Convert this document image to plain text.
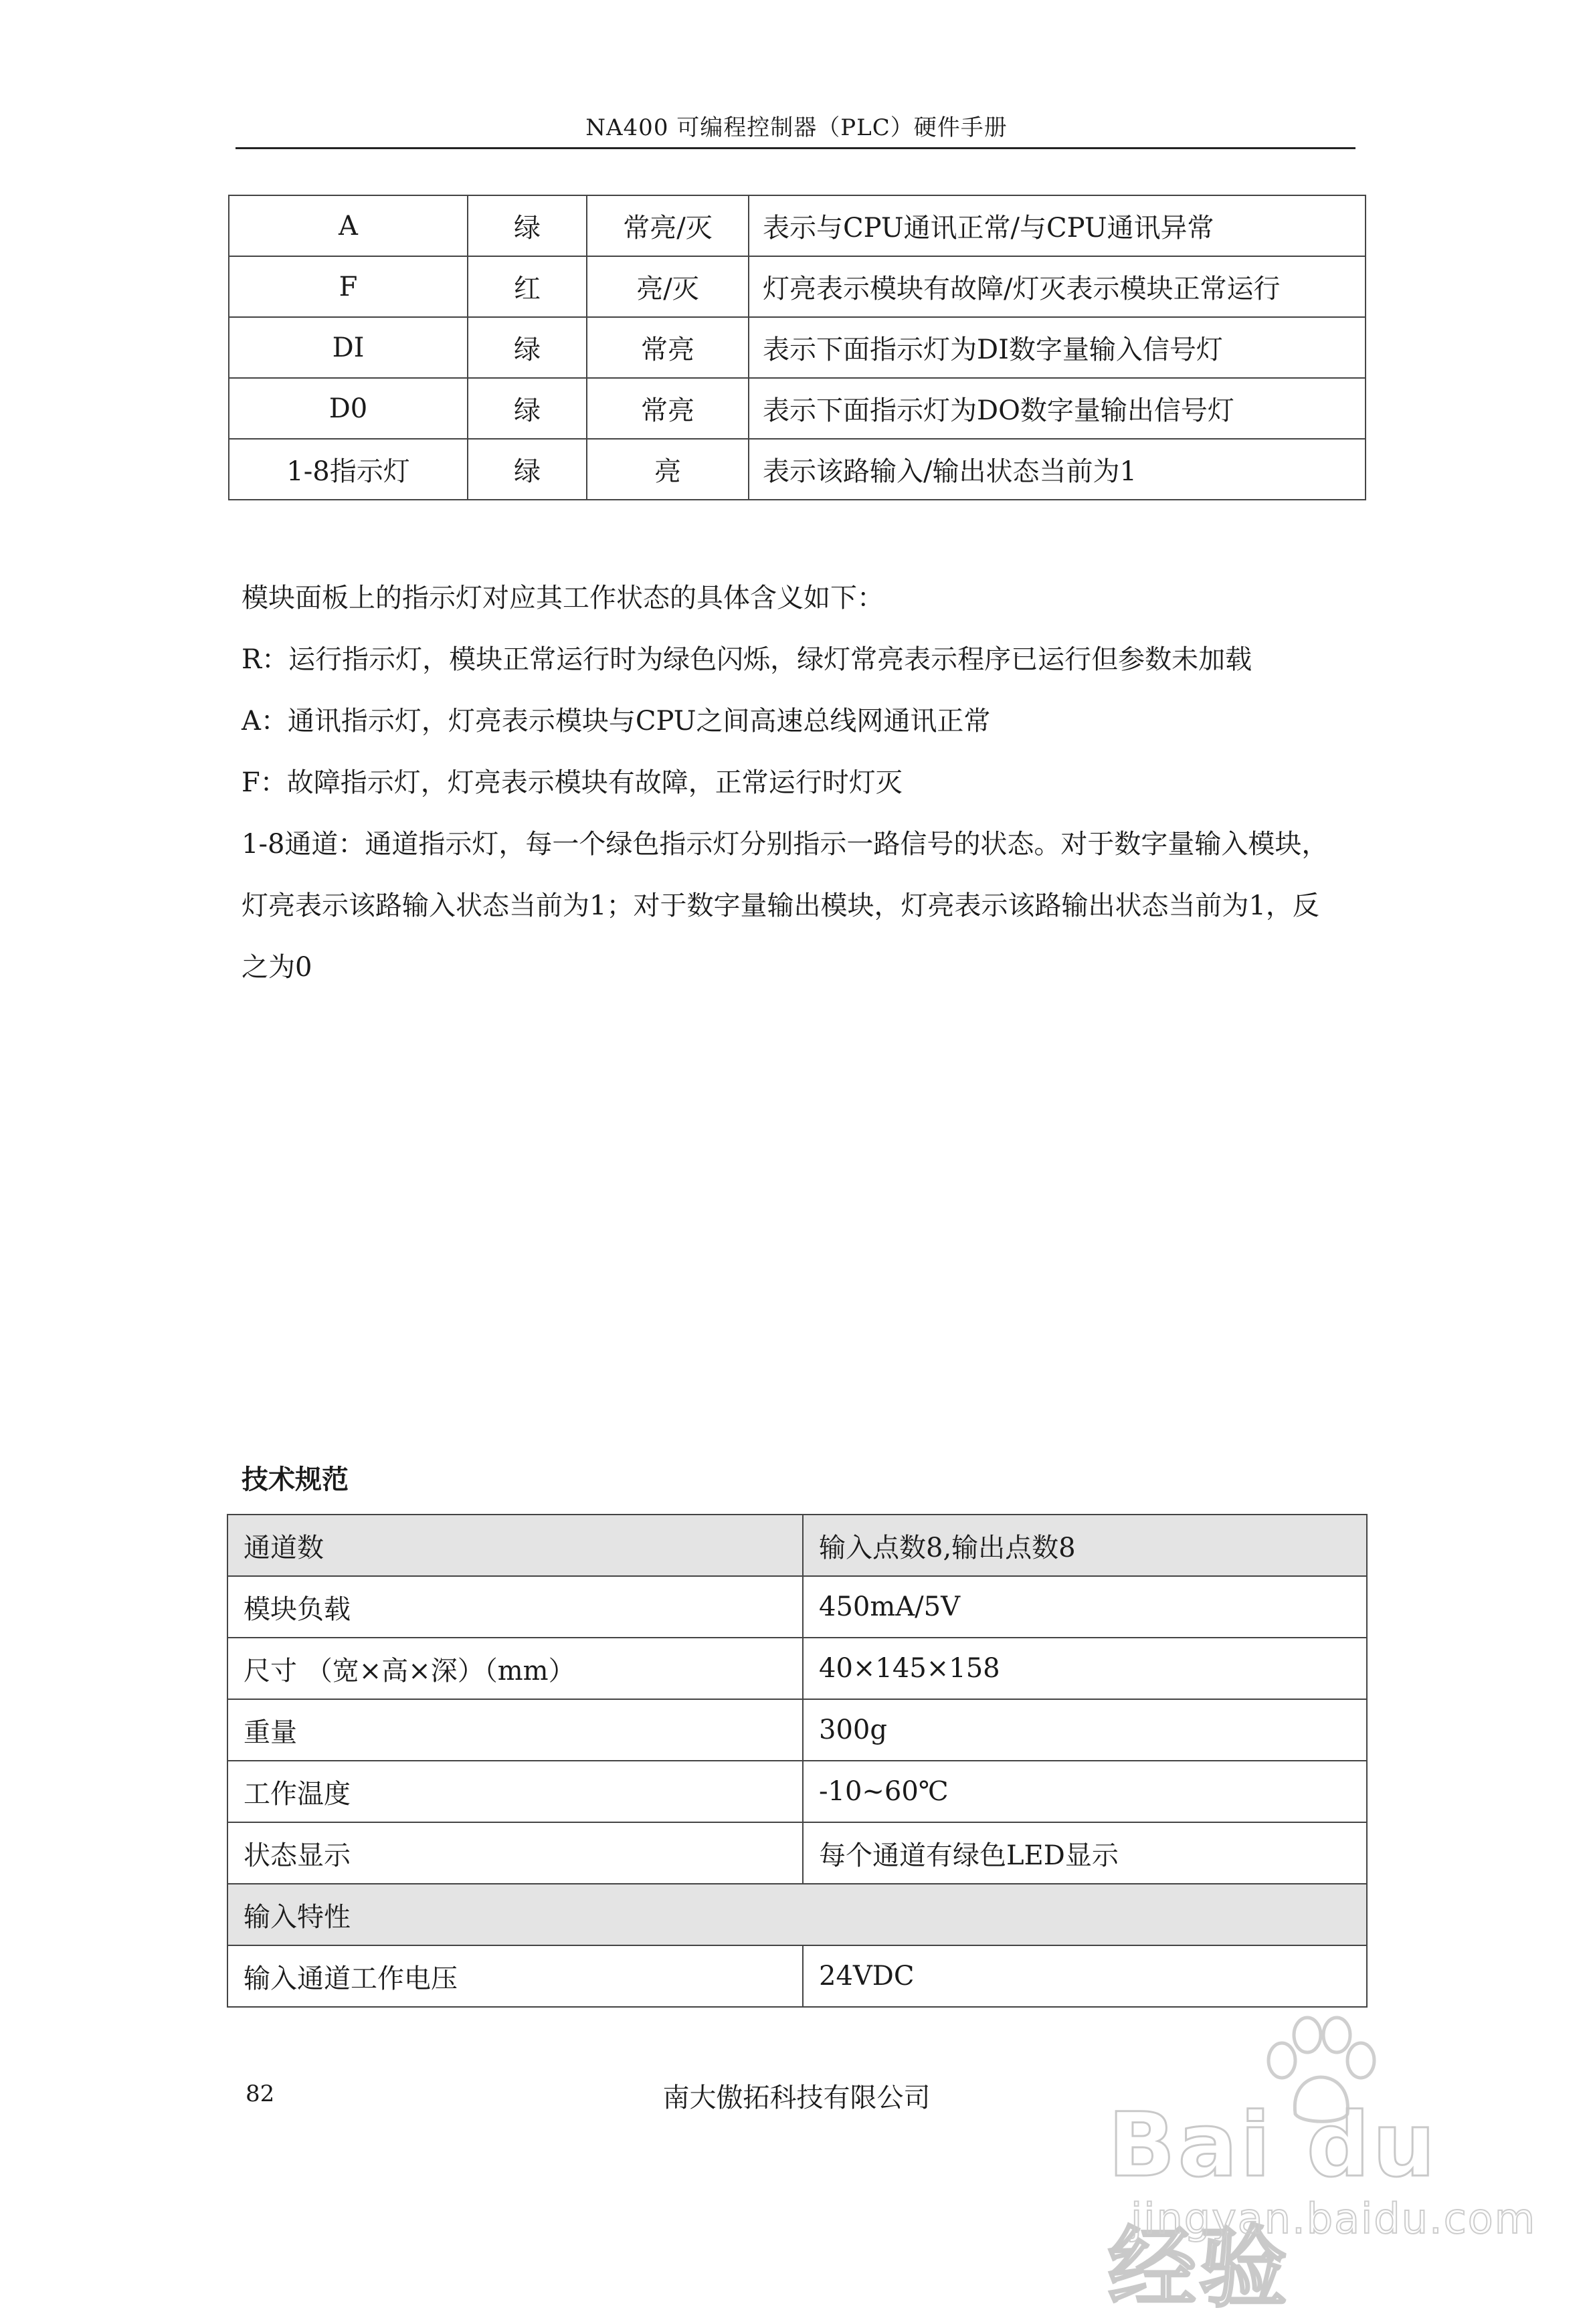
NA400 可编程控制器（PLC）硬件手册
A	绿	常亮/灭	表示与CPU通讯正常/与CPU通讯异常
F	红	亮/灭	灯亮表示模块有故障/灯灭表示模块正常运行
DI	绿	常亮	表示下面指示灯为DI数字量输入信号灯
D0	绿	常亮	表示下面指示灯为DO数字量输出信号灯
1-8指示灯	绿	亮	表示该路输入/输出状态当前为1

模块面板上的指示灯对应其工作状态的具体含义如下：

R：运行指示灯，模块正常运行时为绿色闪烁，绿灯常亮表示程序已运行但参数未加载

A：通讯指示灯，灯亮表示模块与CPU之间高速总线网通讯正常

F：故障指示灯，灯亮表示模块有故障，正常运行时灯灭

1-8通道：通道指示灯，每一个绿色指示灯分别指示一路信号的状态。对于数字量输入模块，

灯亮表示该路输入状态当前为1；对于数字量输出模块，灯亮表示该路输出状态当前为1，反

之为0

技术规范
通道数	输入点数8,输出点数8
模块负载	450mA/5V
尺寸 （宽×高×深）（mm）	40×145×158
重量	300g
工作温度	-10~60℃
状态显示	每个通道有绿色LED显示
输入特性	
输入通道工作电压	24VDC
82	南大傲拓科技有限公司	Bai du 经验
jingyan.baidu.com
